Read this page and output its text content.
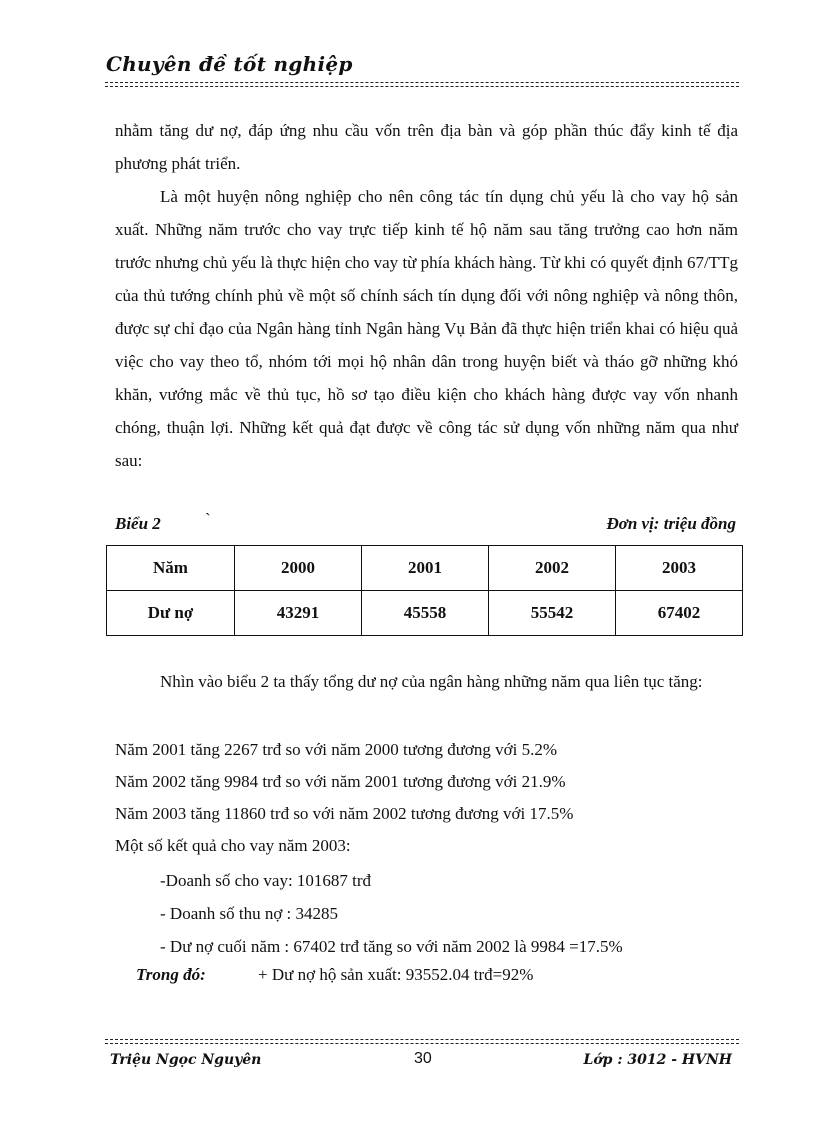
Chuyên đề tốt nghiệp

nhằm tăng dư nợ, đáp ứng nhu cầu vốn trên địa bàn và góp phần thúc đẩy kinh tế địa phương phát triển.

Là một huyện nông nghiệp cho nên công tác tín dụng chủ yếu là cho vay hộ sản xuất. Những năm trước cho vay trực tiếp kinh tế hộ năm sau tăng trưởng cao hơn năm trước nhưng chủ yếu là thực hiện cho vay từ phía khách hàng. Từ khi có quyết định 67/TTg của thủ tướng chính phủ về một số chính sách tín dụng đối với nông nghiệp và nông thôn, được sự chỉ đạo của Ngân hàng tỉnh Ngân hàng Vụ Bản đã thực hiện triển khai có hiệu quả việc cho vay theo tổ, nhóm tới mọi hộ nhân dân trong huyện biết và tháo gỡ những khó khăn, vướng mắc về thủ tục, hồ sơ tạo điều kiện cho khách hàng được vay vốn nhanh chóng, thuận lợi. Những kết quả đạt được về công tác sử dụng vốn những năm qua như sau:

Biểu 2	`	Đơn vị: triệu đồng
Năm	2000	2001	2002	2003
Dư nợ	43291	45558	55542	67402

Nhìn vào biểu 2 ta thấy tổng dư nợ của ngân hàng những năm qua liên tục tăng:

Năm 2001 tăng 2267 trđ so với năm 2000 tương đương với 5.2%
Năm 2002 tăng 9984 trđ so với năm 2001 tương đương với 21.9%
Năm 2003 tăng 11860 trđ so với năm 2002 tương đương với 17.5%
Một số kết quả cho vay năm 2003:
-Doanh số cho vay: 101687 trđ
- Doanh số thu nợ : 34285
- Dư nợ cuối năm : 67402 trđ tăng so với năm 2002 là 9984 =17.5%
Trong đó:	+ Dư nợ hộ sản xuất: 93552.04 trđ=92%
Triệu Ngọc Nguyên	30	Lớp : 3012 - HVNH
